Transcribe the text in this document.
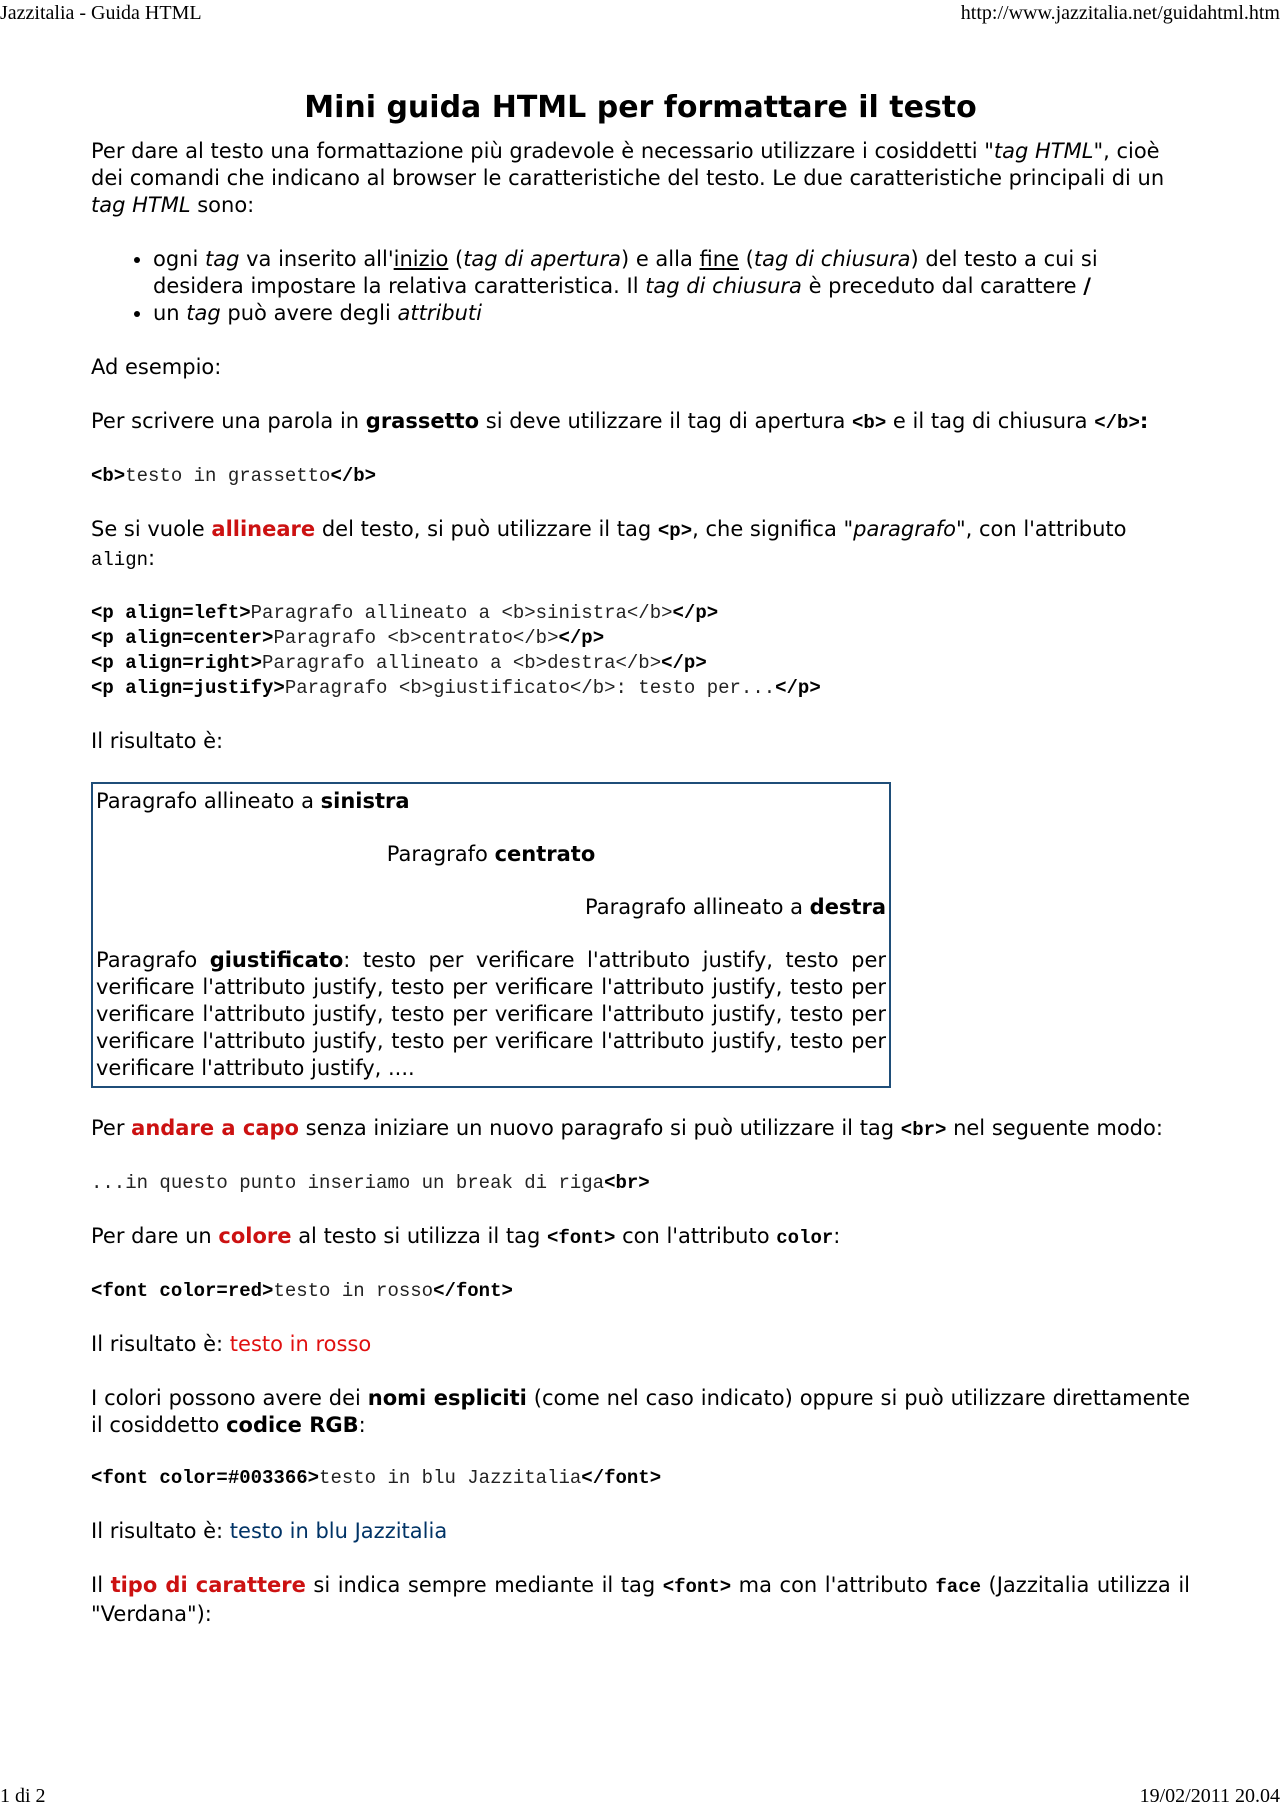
Jazzitalia - Guida HTML	http://www.jazzitalia.net/guidahtml.htm
Mini guida HTML per formattare il testo

Per dare al testo una formattazione più gradevole è necessario utilizzare i cosiddetti "tag HTML", cioè dei comandi che indicano al browser le caratteristiche del testo. Le due caratteristiche principali di un tag HTML sono:

• ogni tag va inserito all'inizio (tag di apertura) e alla fine (tag di chiusura) del testo a cui si desidera impostare la relativa caratteristica. Il tag di chiusura è preceduto dal carattere /
• un tag può avere degli attributi

Ad esempio:

Per scrivere una parola in grassetto si deve utilizzare il tag di apertura <b> e il tag di chiusura </b>:

<b>testo in grassetto</b>

Se si vuole allineare del testo, si può utilizzare il tag <p>, che significa "paragrafo", con l'attributo align:

<p align=left>Paragrafo allineato a <b>sinistra</b></p>
<p align=center>Paragrafo <b>centrato</b></p>
<p align=right>Paragrafo allineato a <b>destra</b></p>
<p align=justify>Paragrafo <b>giustificato</b>: testo per...</p>

Il risultato è:

Paragrafo allineato a sinistra

Paragrafo centrato

Paragrafo allineato a destra

Paragrafo giustificato: testo per verificare l'attributo justify, testo per verificare l'attributo justify, testo per verificare l'attributo justify, testo per verificare l'attributo justify, testo per verificare l'attributo justify, testo per verificare l'attributo justify, testo per verificare l'attributo justify, testo per verificare l'attributo justify, ....

Per andare a capo senza iniziare un nuovo paragrafo si può utilizzare il tag <br> nel seguente modo:

...in questo punto inseriamo un break di riga<br>

Per dare un colore al testo si utilizza il tag <font> con l'attributo color:

<font color=red>testo in rosso</font>

Il risultato è: testo in rosso

I colori possono avere dei nomi espliciti (come nel caso indicato) oppure si può utilizzare direttamente il cosiddetto codice RGB:

<font color=#003366>testo in blu Jazzitalia</font>

Il risultato è: testo in blu Jazzitalia

Il tipo di carattere si indica sempre mediante il tag <font> ma con l'attributo face (Jazzitalia utilizza il "Verdana"):

1 di 2	19/02/2011 20.04
